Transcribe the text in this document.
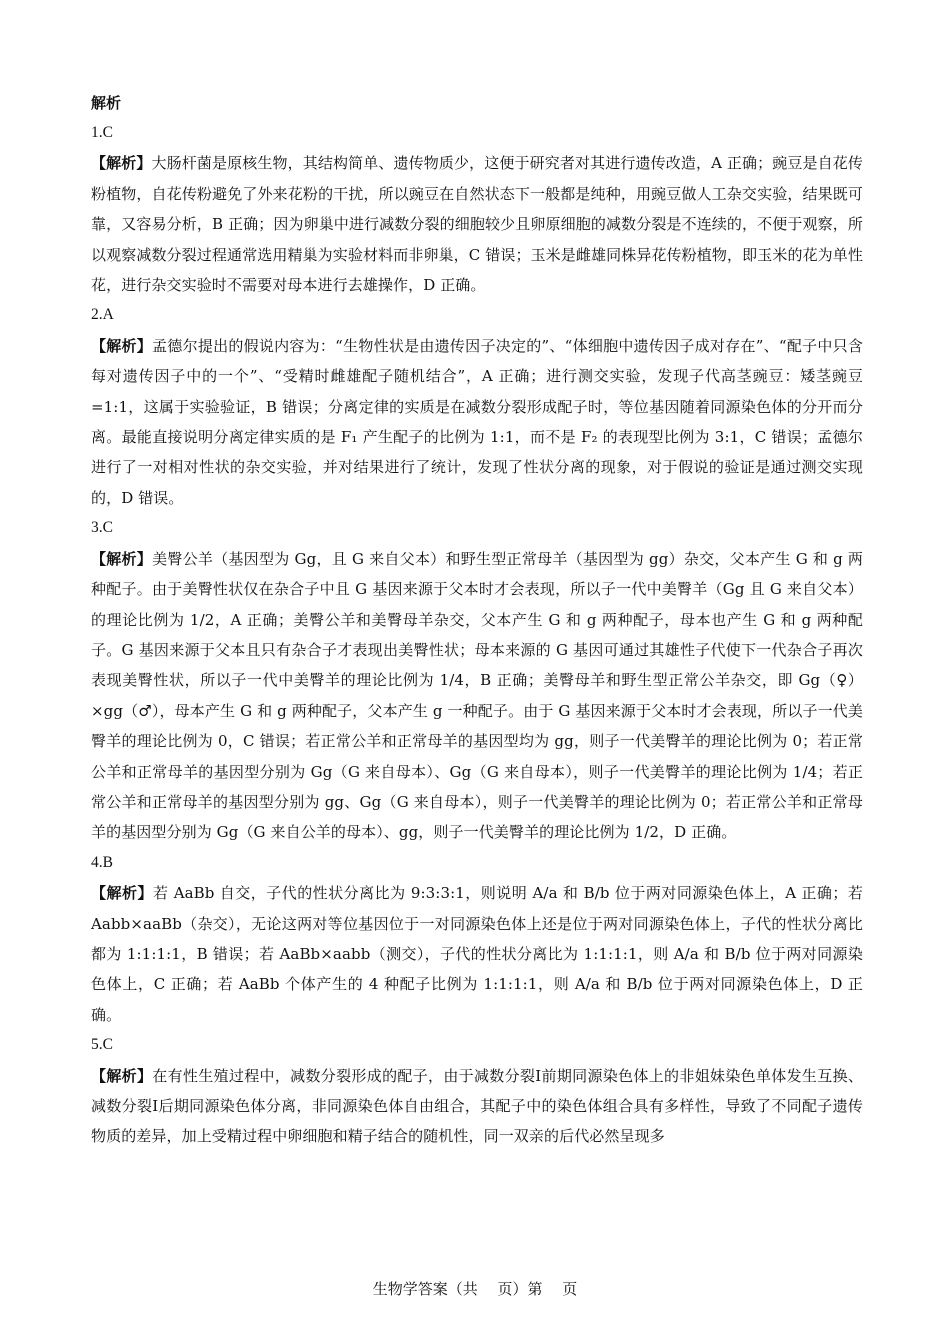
解析
1.C
【解析】大肠杆菌是原核生物，其结构简单、遗传物质少，这便于研究者对其进行遗传改造，A 正确；豌豆是自花传粉植物，自花传粉避免了外来花粉的干扰，所以豌豆在自然状态下一般都是纯种，用豌豆做人工杂交实验，结果既可靠，又容易分析，B 正确；因为卵巢中进行减数分裂的细胞较少且卵原细胞的减数分裂是不连续的，不便于观察，所以观察减数分裂过程通常选用精巢为实验材料而非卵巢，C 错误；玉米是雌雄同株异花传粉植物，即玉米的花为单性花，进行杂交实验时不需要对母本进行去雄操作，D 正确。
2.A
【解析】孟德尔提出的假说内容为：“生物性状是由遗传因子决定的”、“体细胞中遗传因子成对存在”、“配子中只含每对遗传因子中的一个”、“受精时雌雄配子随机结合”，A 正确；进行测交实验，发现子代高茎豌豆：矮茎豌豆=1:1，这属于实验验证，B 错误；分离定律的实质是在减数分裂形成配子时，等位基因随着同源染色体的分开而分离。最能直接说明分离定律实质的是 F₁ 产生配子的比例为 1:1，而不是 F₂ 的表现型比例为 3:1，C 错误；孟德尔进行了一对相对性状的杂交实验，并对结果进行了统计，发现了性状分离的现象，对于假说的验证是通过测交实现的，D 错误。
3.C
【解析】美臀公羊（基因型为 Gg，且 G 来自父本）和野生型正常母羊（基因型为 gg）杂交，父本产生 G 和 g 两种配子。由于美臀性状仅在杂合子中且 G 基因来源于父本时才会表现，所以子一代中美臀羊（Gg 且 G 来自父本）的理论比例为 1/2，A 正确；美臀公羊和美臀母羊杂交，父本产生 G 和 g 两种配子，母本也产生 G 和 g 两种配子。G 基因来源于父本且只有杂合子才表现出美臀性状；母本来源的 G 基因可通过其雄性子代使下一代杂合子再次表现美臀性状，所以子一代中美臀羊的理论比例为 1/4，B 正确；美臀母羊和野生型正常公羊杂交，即 Gg（♀）×gg（♂），母本产生 G 和 g 两种配子，父本产生 g 一种配子。由于 G 基因来源于父本时才会表现，所以子一代美臀羊的理论比例为 0，C 错误；若正常公羊和正常母羊的基因型均为 gg，则子一代美臀羊的理论比例为 0；若正常公羊和正常母羊的基因型分别为 Gg（G 来自母本）、Gg（G 来自母本），则子一代美臀羊的理论比例为 1/4；若正常公羊和正常母羊的基因型分别为 gg、Gg（G 来自母本），则子一代美臀羊的理论比例为 0；若正常公羊和正常母羊的基因型分别为 Gg（G 来自公羊的母本）、gg，则子一代美臀羊的理论比例为 1/2，D 正确。
4.B
【解析】若 AaBb 自交，子代的性状分离比为 9:3:3:1，则说明 A/a 和 B/b 位于两对同源染色体上，A 正确；若 Aabb×aaBb（杂交），无论这两对等位基因位于一对同源染色体上还是位于两对同源染色体上，子代的性状分离比都为 1:1:1:1，B 错误；若 AaBb×aabb（测交），子代的性状分离比为 1:1:1:1，则 A/a 和 B/b 位于两对同源染色体上，C 正确；若 AaBb 个体产生的 4 种配子比例为 1:1:1:1，则 A/a 和 B/b 位于两对同源染色体上，D 正确。
5.C
【解析】在有性生殖过程中，减数分裂形成的配子，由于减数分裂Ⅰ前期同源染色体上的非姐妹染色单体发生互换、减数分裂Ⅰ后期同源染色体分离，非同源染色体自由组合，其配子中的染色体组合具有多样性，导致了不同配子遗传物质的差异，加上受精过程中卵细胞和精子结合的随机性，同一双亲的后代必然呈现多
生物学答案（共　 页）第　 页
